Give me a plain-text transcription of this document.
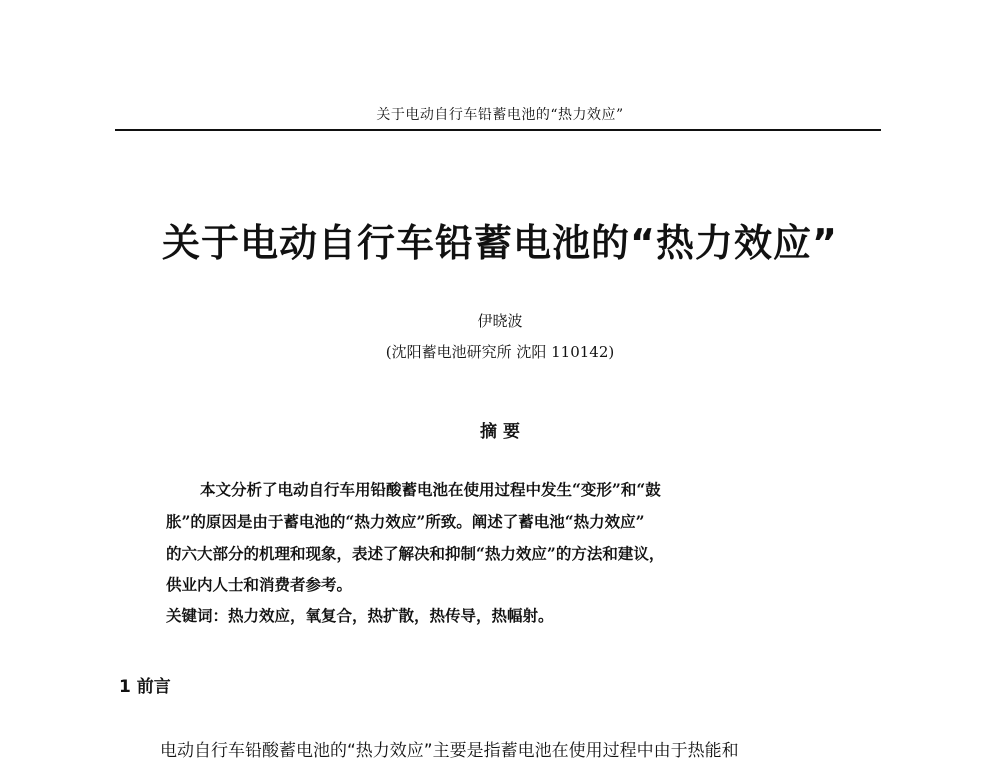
关于电动自行车铅蓄电池的“热力效应”
关于电动自行车铅蓄电池的“热力效应”
伊晓波
(沈阳蓄电池研究所 沈阳 110142)
摘 要
本文分析了电动自行车用铅酸蓄电池在使用过程中发生“变形”和“鼓
胀”的原因是由于蓄电池的“热力效应”所致。阐述了蓄电池“热力效应”
的六大部分的机理和现象，表述了解决和抑制“热力效应”的方法和建议，
供业内人士和消费者参考。
关键词：热力效应，氧复合，热扩散，热传导，热幅射。
1 前言
电动自行车铅酸蓄电池的“热力效应”主要是指蓄电池在使用过程中由于热能和
